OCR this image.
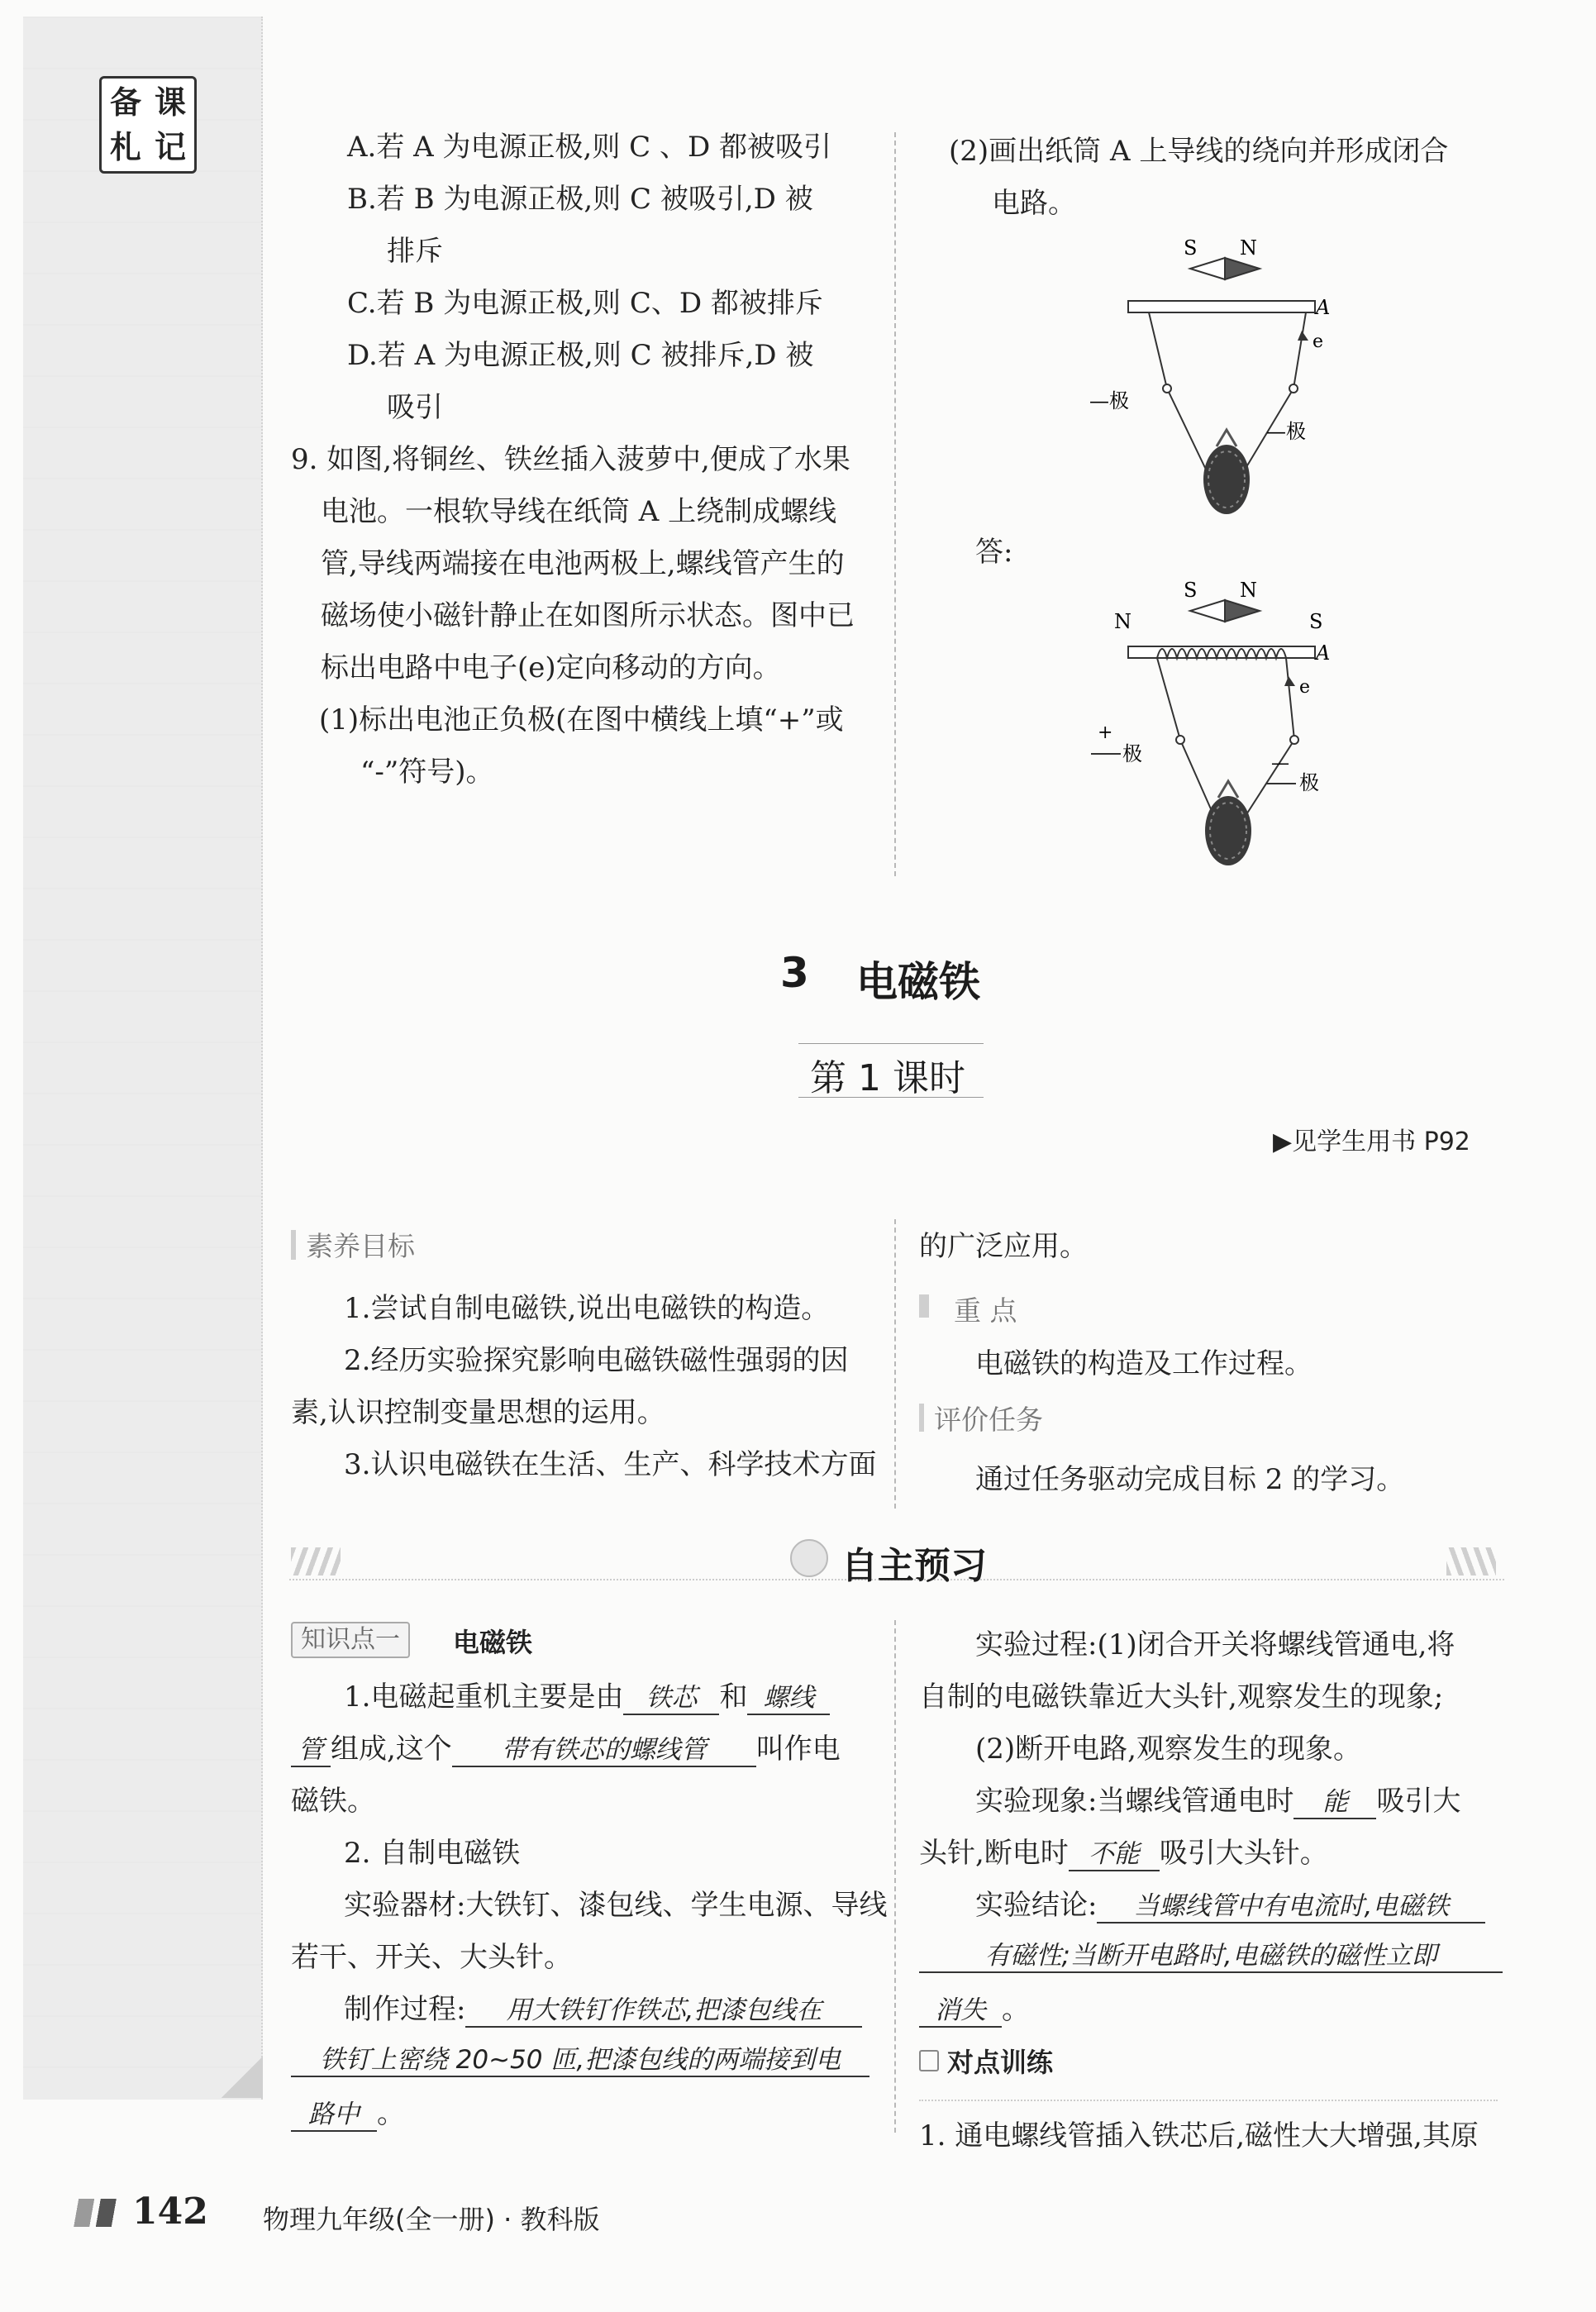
备 课
札 记	A.若 A 为电源正极,则 C 、D 都被吸引
B.若 B 为电源正极,则 C 被吸引,D 被
排斥
C.若 B 为电源正极,则 C、D 都被排斥
D.若 A 为电源正极,则 C 被排斥,D 被
吸引
9. 如图,将铜丝、铁丝插入菠萝中,便成了水果
电池。一根软导线在纸筒 A 上绕制成螺线
管,导线两端接在电池两极上,螺线管产生的
磁场使小磁针静止在如图所示状态。图中已
标出电路中电子(e)定向移动的方向。
(1)标出电池正负极(在图中横线上填“+”或
“-”符号)。
(2)画出纸筒 A 上导线的绕向并形成闭合
电路。
S N
A
e
—极
—极
答:
S N
N	S
A
e
+
极	—
极
3 电磁铁
第 1 课时
▶见学生用书 P92
素养目标
1.尝试自制电磁铁,说出电磁铁的构造。
2.经历实验探究影响电磁铁磁性强弱的因
素,认识控制变量思想的运用。
3.认识电磁铁在生活、生产、科学技术方面
的广泛应用。
重 点
电磁铁的构造及工作过程。
评价任务
通过任务驱动完成目标 2 的学习。
自主预习
知识点一	电磁铁
1.电磁起重机主要是由 铁芯 和 螺线
管 组成,这个 带有铁芯的螺线管 叫作电
磁铁。
2. 自制电磁铁
实验器材:大铁钉、漆包线、学生电源、导线
若干、开关、大头针。
制作过程: 用大铁钉作铁芯,把漆包线在
铁钉上密绕 20~50 匝,把漆包线的两端接到电
路中 。
实验过程:(1)闭合开关将螺线管通电,将
自制的电磁铁靠近大头针,观察发生的现象;
(2)断开电路,观察发生的现象。
实验现象:当螺线管通电时 能 吸引大
头针,断电时 不能 吸引大头针。
实验结论: 当螺线管中有电流时,电磁铁
有磁性;当断开电路时,电磁铁的磁性立即
消失 。
对点训练
1. 通电螺线管插入铁芯后,磁性大大增强,其原
142 物理九年级(全一册) · 教科版
